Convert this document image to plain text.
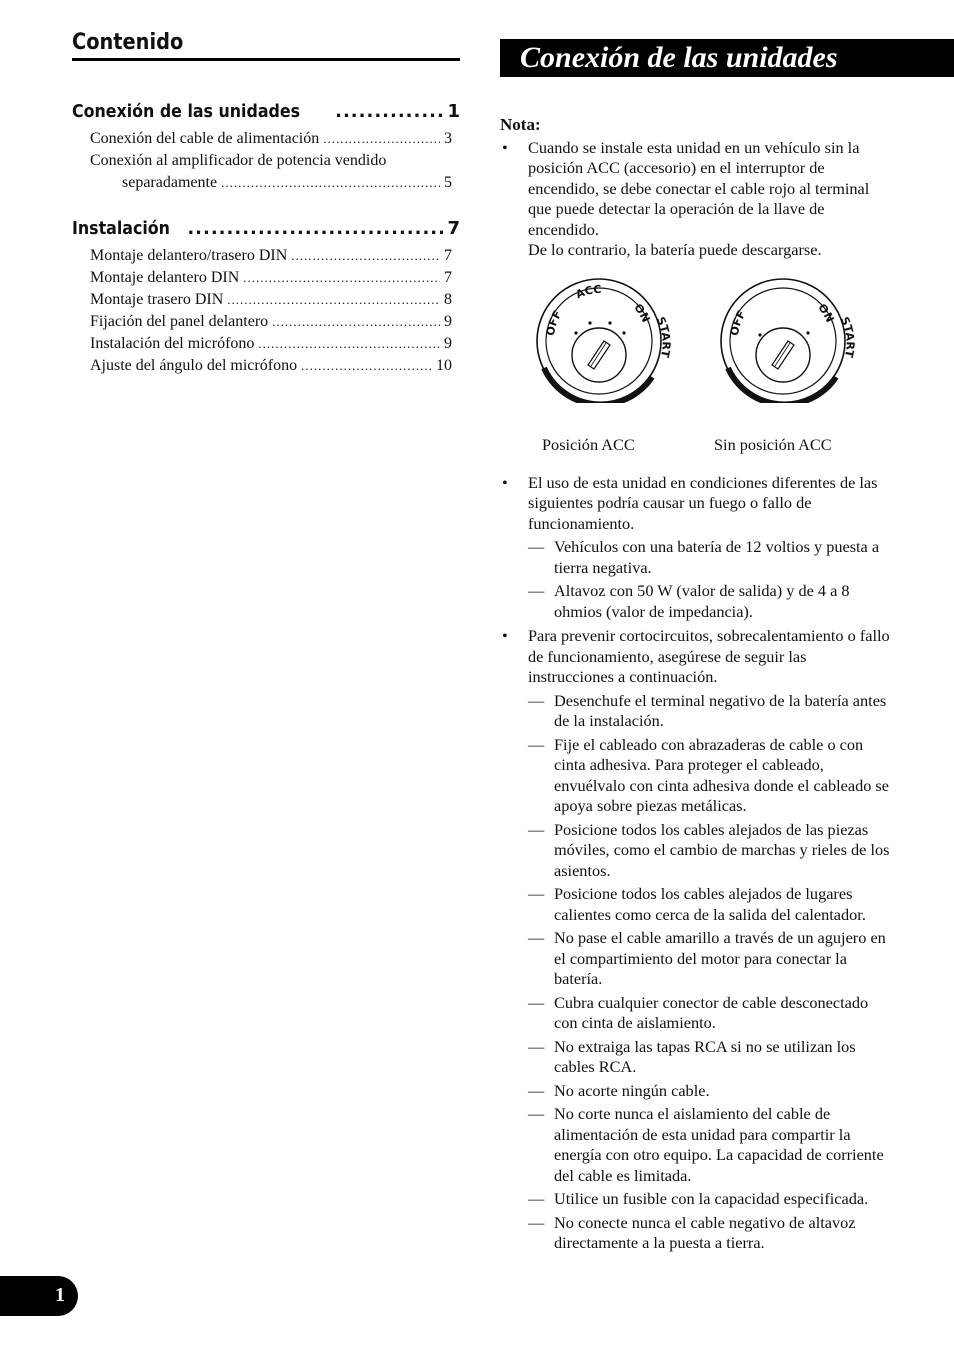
Contenido
Conexión de las unidades .....	1
Conexión del cable de alimentación .....	3
Conexión al amplificador de potencia vendido
separadamente .....	5
Instalación .....	7
Montaje delantero/trasero DIN .....	7
Montaje delantero DIN .....	7
Montaje trasero DIN .....	8
Fijación del panel delantero .....	9
Instalación del micrófono .....	9
Ajuste del ángulo del micrófono .....	10
Conexión de las unidades
Nota:
• Cuando se instale esta unidad en un vehículo sin la posición ACC (accesorio) en el interruptor de encendido, se debe conectar el cable rojo al terminal que puede detectar la operación de la llave de encendido.
De lo contrario, la batería puede descargarse.
OFF
ACC
ON START
OFF	ON START
Posición ACC	Sin posición ACC
• El uso de esta unidad en condiciones diferentes de las siguientes podría causar un fuego o fallo de funcionamiento.
— Vehículos con una batería de 12 voltios y puesta a tierra negativa.
— Altavoz con 50 W (valor de salida) y de 4 a 8 ohmios (valor de impedancia).
• Para prevenir cortocircuitos, sobrecalentamiento o fallo de funcionamiento, asegúrese de seguir las instrucciones a continuación.
— Desenchufe el terminal negativo de la batería antes de la instalación.
— Fije el cableado con abrazaderas de cable o con cinta adhesiva. Para proteger el cableado, envuélvalo con cinta adhesiva donde el cableado se apoya sobre piezas metálicas.
— Posicione todos los cables alejados de las piezas móviles, como el cambio de marchas y rieles de los asientos.
— Posicione todos los cables alejados de lugares calientes como cerca de la salida del calentador.
— No pase el cable amarillo a través de un agujero en el compartimiento del motor para conectar la batería.
— Cubra cualquier conector de cable desconectado con cinta de aislamiento.
— No extraiga las tapas RCA si no se utilizan los cables RCA.
— No acorte ningún cable.
— No corte nunca el aislamiento del cable de alimentación de esta unidad para compartir la energía con otro equipo. La capacidad de corriente del cable es limitada.
— Utilice un fusible con la capacidad especificada.
— No conecte nunca el cable negativo de altavoz directamente a la puesta a tierra.
1
